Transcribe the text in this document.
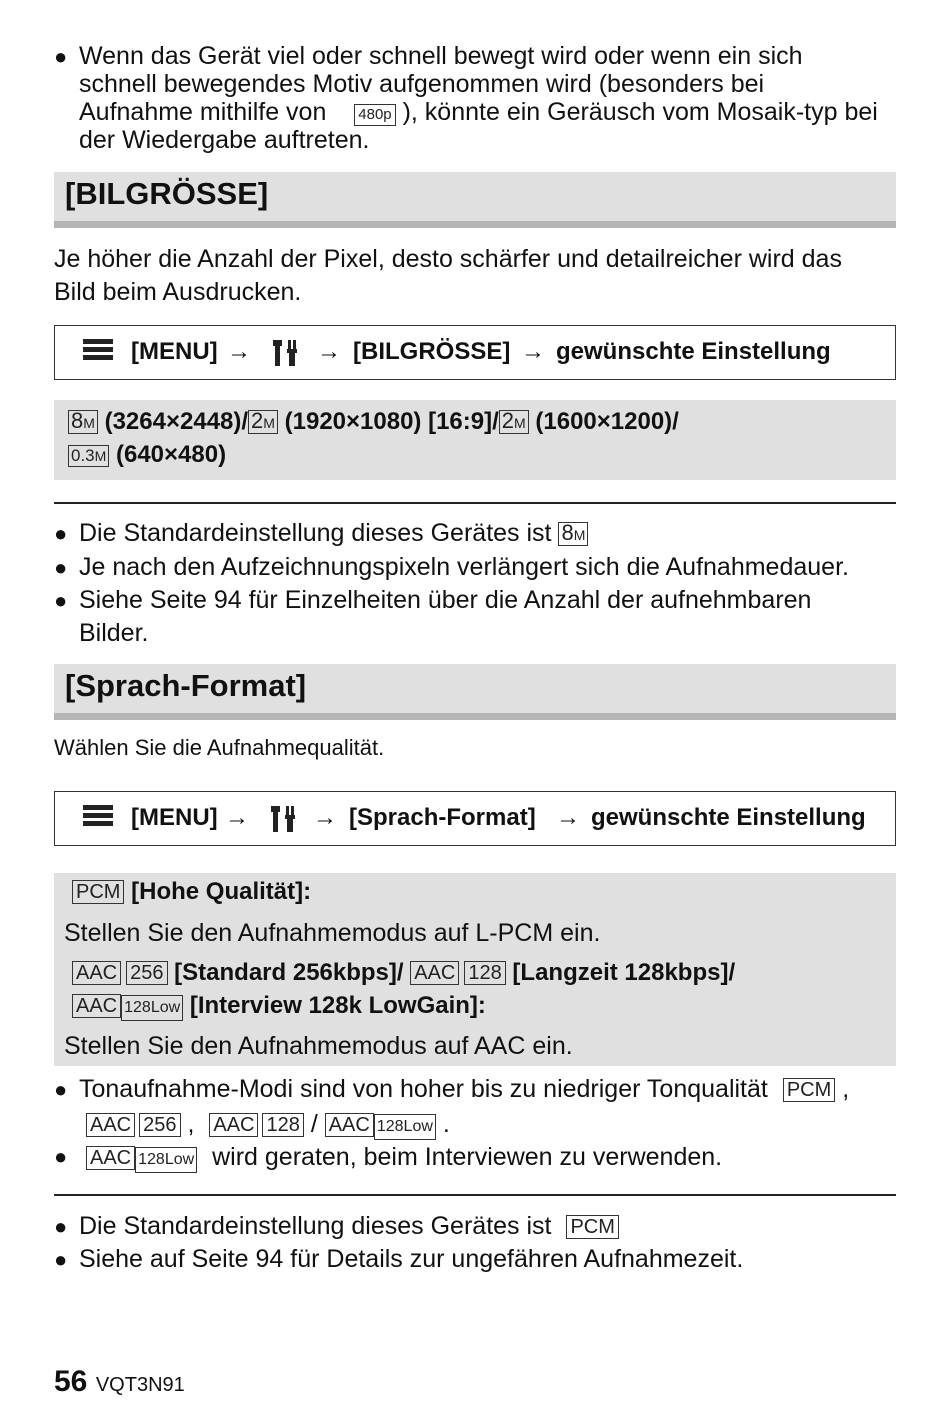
● Wenn das Gerät viel oder schnell bewegt wird oder wenn ein sich
schnell bewegendes Motiv aufgenommen wird (besonders bei
Aufnahme mithilfe von 480p ), könnte ein Geräusch vom Mosaik-typ bei
der Wiedergabe auftreten.
[BILGRÖSSE]
Je höher die Anzahl der Pixel, desto schärfer und detailreicher wird das
Bild beim Ausdrucken.
[MENU] →	→ [BILGRÖSSE] → gewünschte Einstellung
8M (3264×2448)/ 2M (1920×1080) [16:9]/ 2M (1600×1200)/
0.3M (640×480)
● Die Standardeinstellung dieses Gerätes ist 8M
● Je nach den Aufzeichnungspixeln verlängert sich die Aufnahmedauer.
● Siehe Seite 94 für Einzelheiten über die Anzahl der aufnehmbaren
Bilder.
[Sprach-Format]
Wählen Sie die Aufnahmequalität.
[MENU] →	→ [Sprach-Format] → gewünschte Einstellung
PCM [Hohe Qualität]:
Stellen Sie den Aufnahmemodus auf L-PCM ein.
AAC 256 [Standard 256kbps]/ AAC 128 [Langzeit 128kbps]/
AAC 128Low [Interview 128k LowGain]:
Stellen Sie den Aufnahmemodus auf AAC ein.
● Tonaufnahme-Modi sind von hoher bis zu niedriger Tonqualität PCM ,
AAC 256 , AAC 128 / AAC 128Low .
● AAC 128Low wird geraten, beim Interviewen zu verwenden.
● Die Standardeinstellung dieses Gerätes ist PCM
● Siehe auf Seite 94 für Details zur ungefähren Aufnahmezeit.
56 VQT3N91
